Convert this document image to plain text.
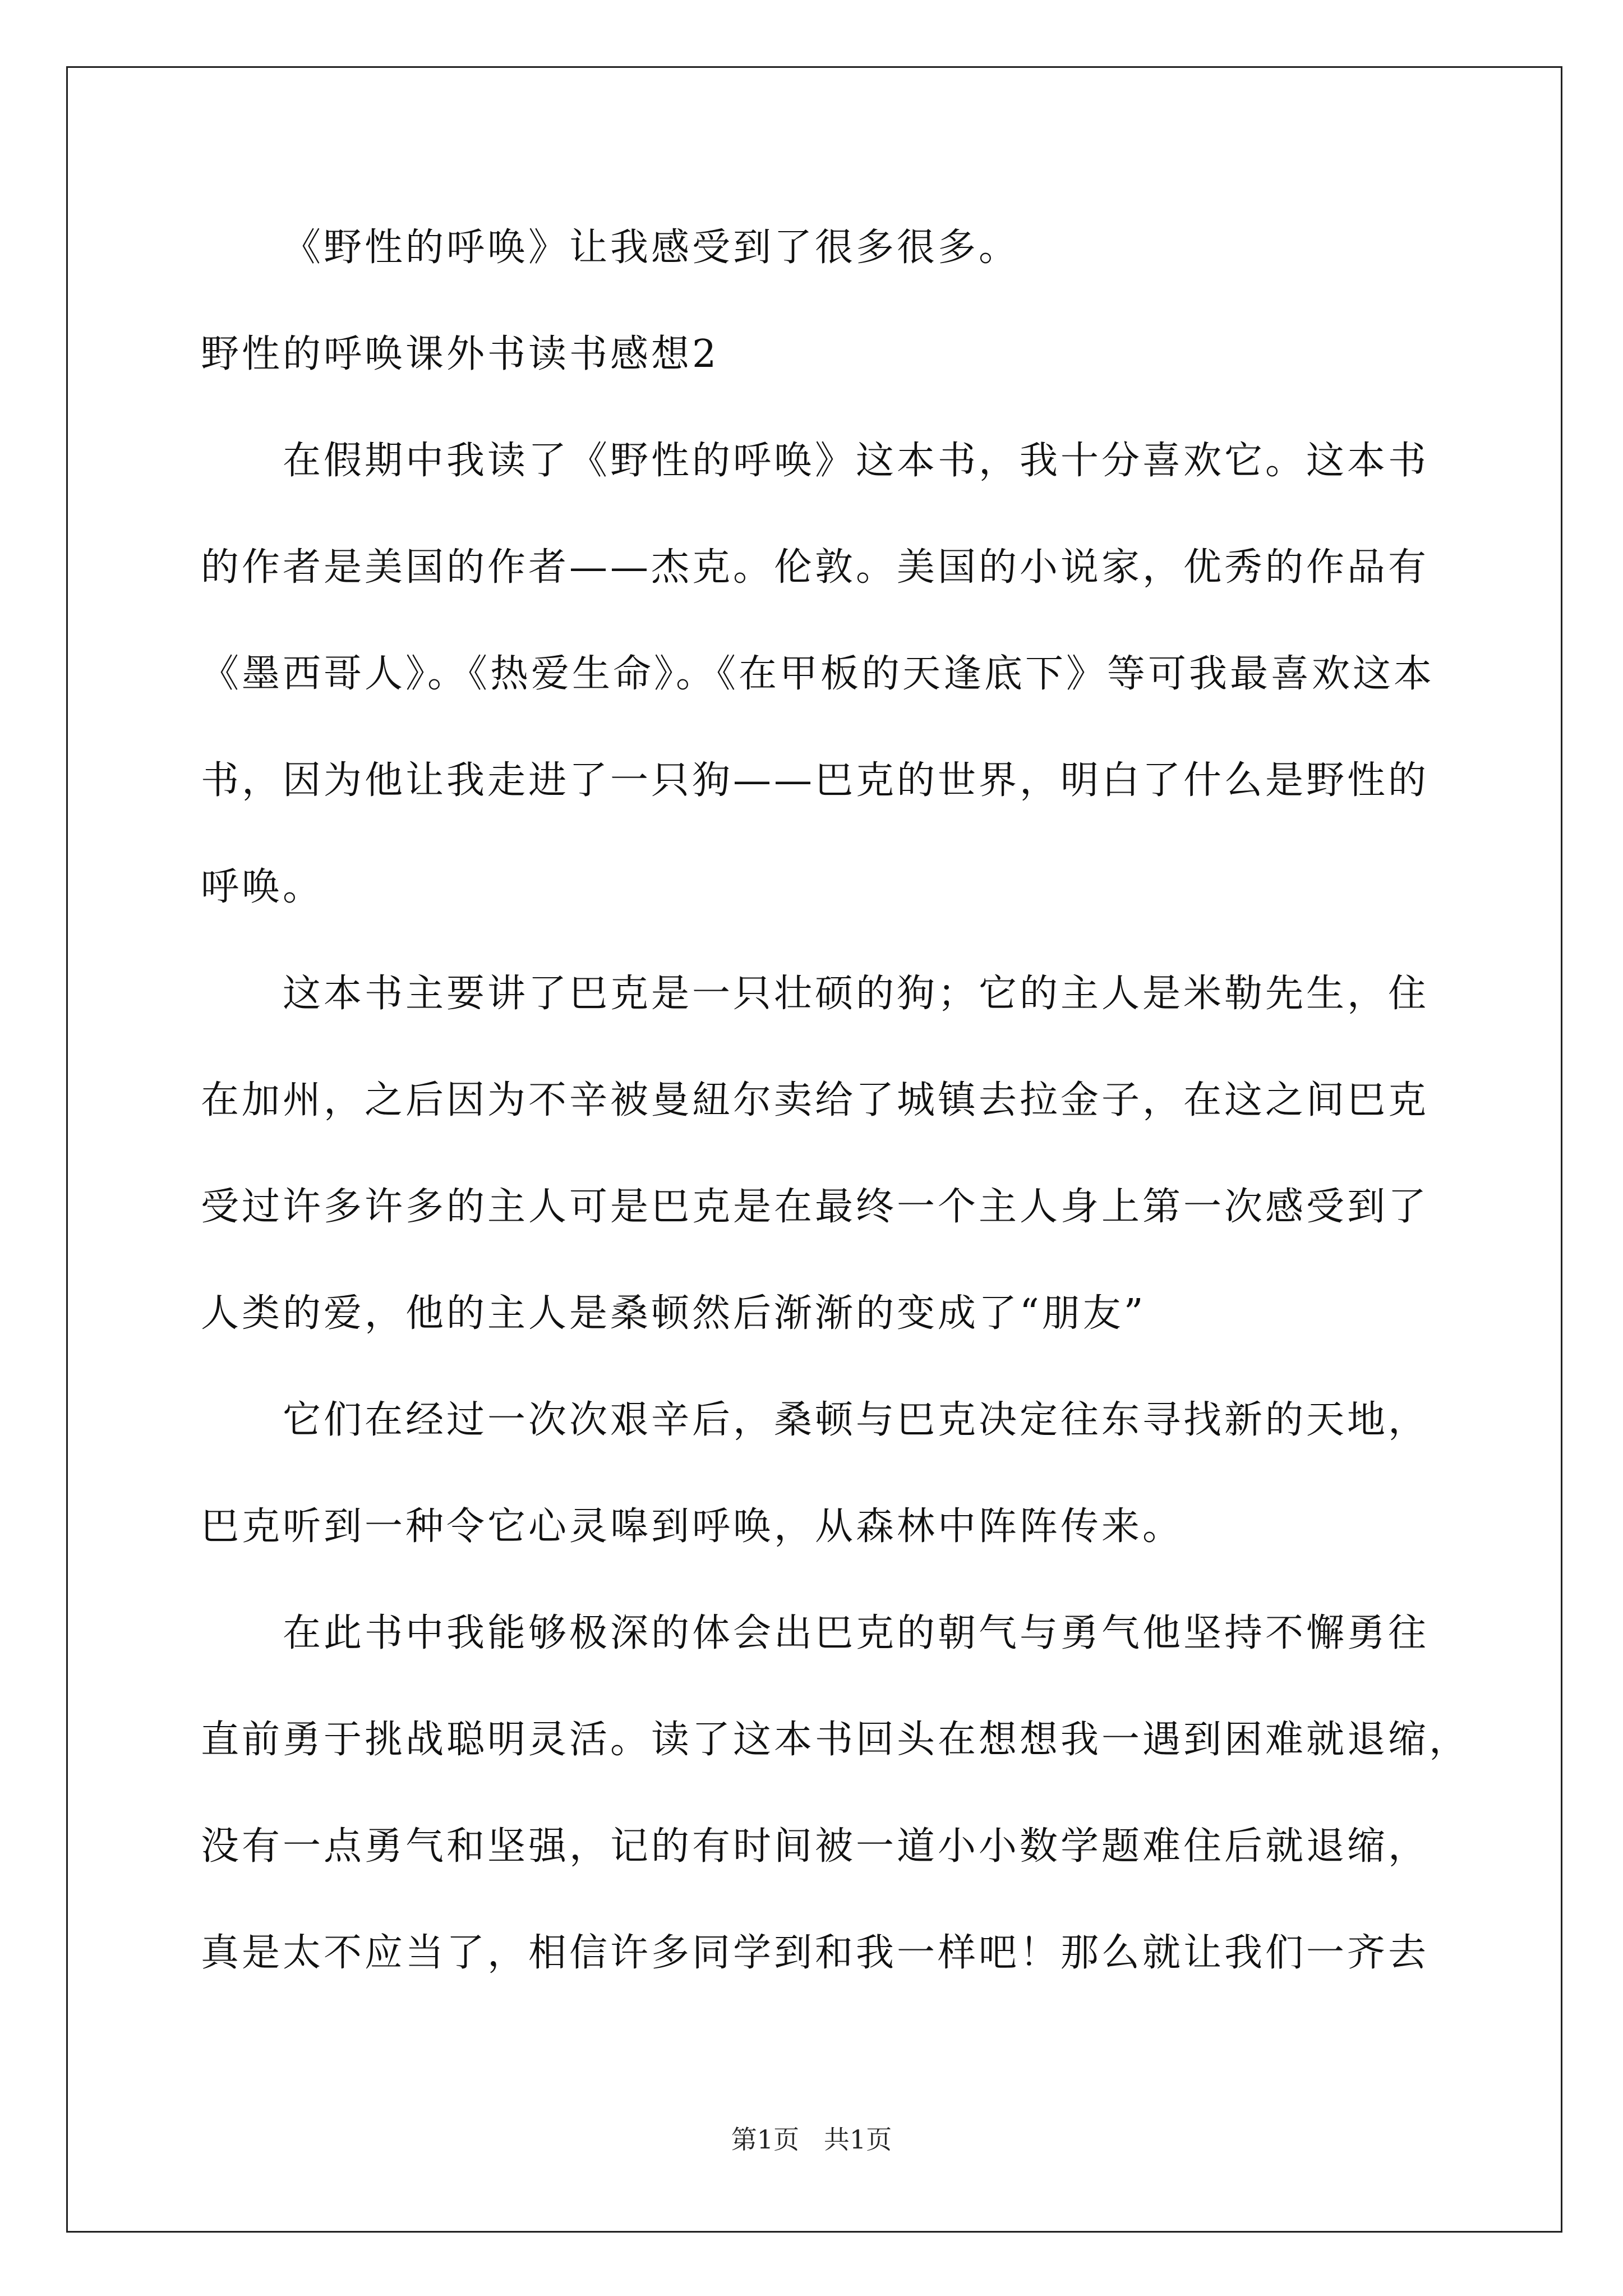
《野性的呼唤》让我感受到了很多很多。
野性的呼唤课外书读书感想2
在假期中我读了《野性的呼唤》这本书，我十分喜欢它。这本书
的作者是美国的作者——杰克。伦敦。美国的小说家，优秀的作品有
《墨西哥人》。《热爱生命》。《在甲板的天逢底下》等可我最喜欢这本
书，因为他让我走进了一只狗——巴克的世界，明白了什么是野性的
呼唤。
这本书主要讲了巴克是一只壮硕的狗；它的主人是米勒先生，住
在加州，之后因为不辛被曼紐尔卖给了城镇去拉金子，在这之间巴克
受过许多许多的主人可是巴克是在最终一个主人身上第一次感受到了
人类的爱，他的主人是桑顿然后渐渐的变成了“朋友”
它们在经过一次次艰辛后，桑顿与巴克决定往东寻找新的天地，
巴克听到一种令它心灵嗥到呼唤，从森林中阵阵传来。
在此书中我能够极深的体会出巴克的朝气与勇气他坚持不懈勇往
直前勇于挑战聪明灵活。读了这本书回头在想想我一遇到困难就退缩，
没有一点勇气和坚强，记的有时间被一道小小数学题难住后就退缩，
真是太不应当了，相信许多同学到和我一样吧！那么就让我们一齐去
第1页   共1页
